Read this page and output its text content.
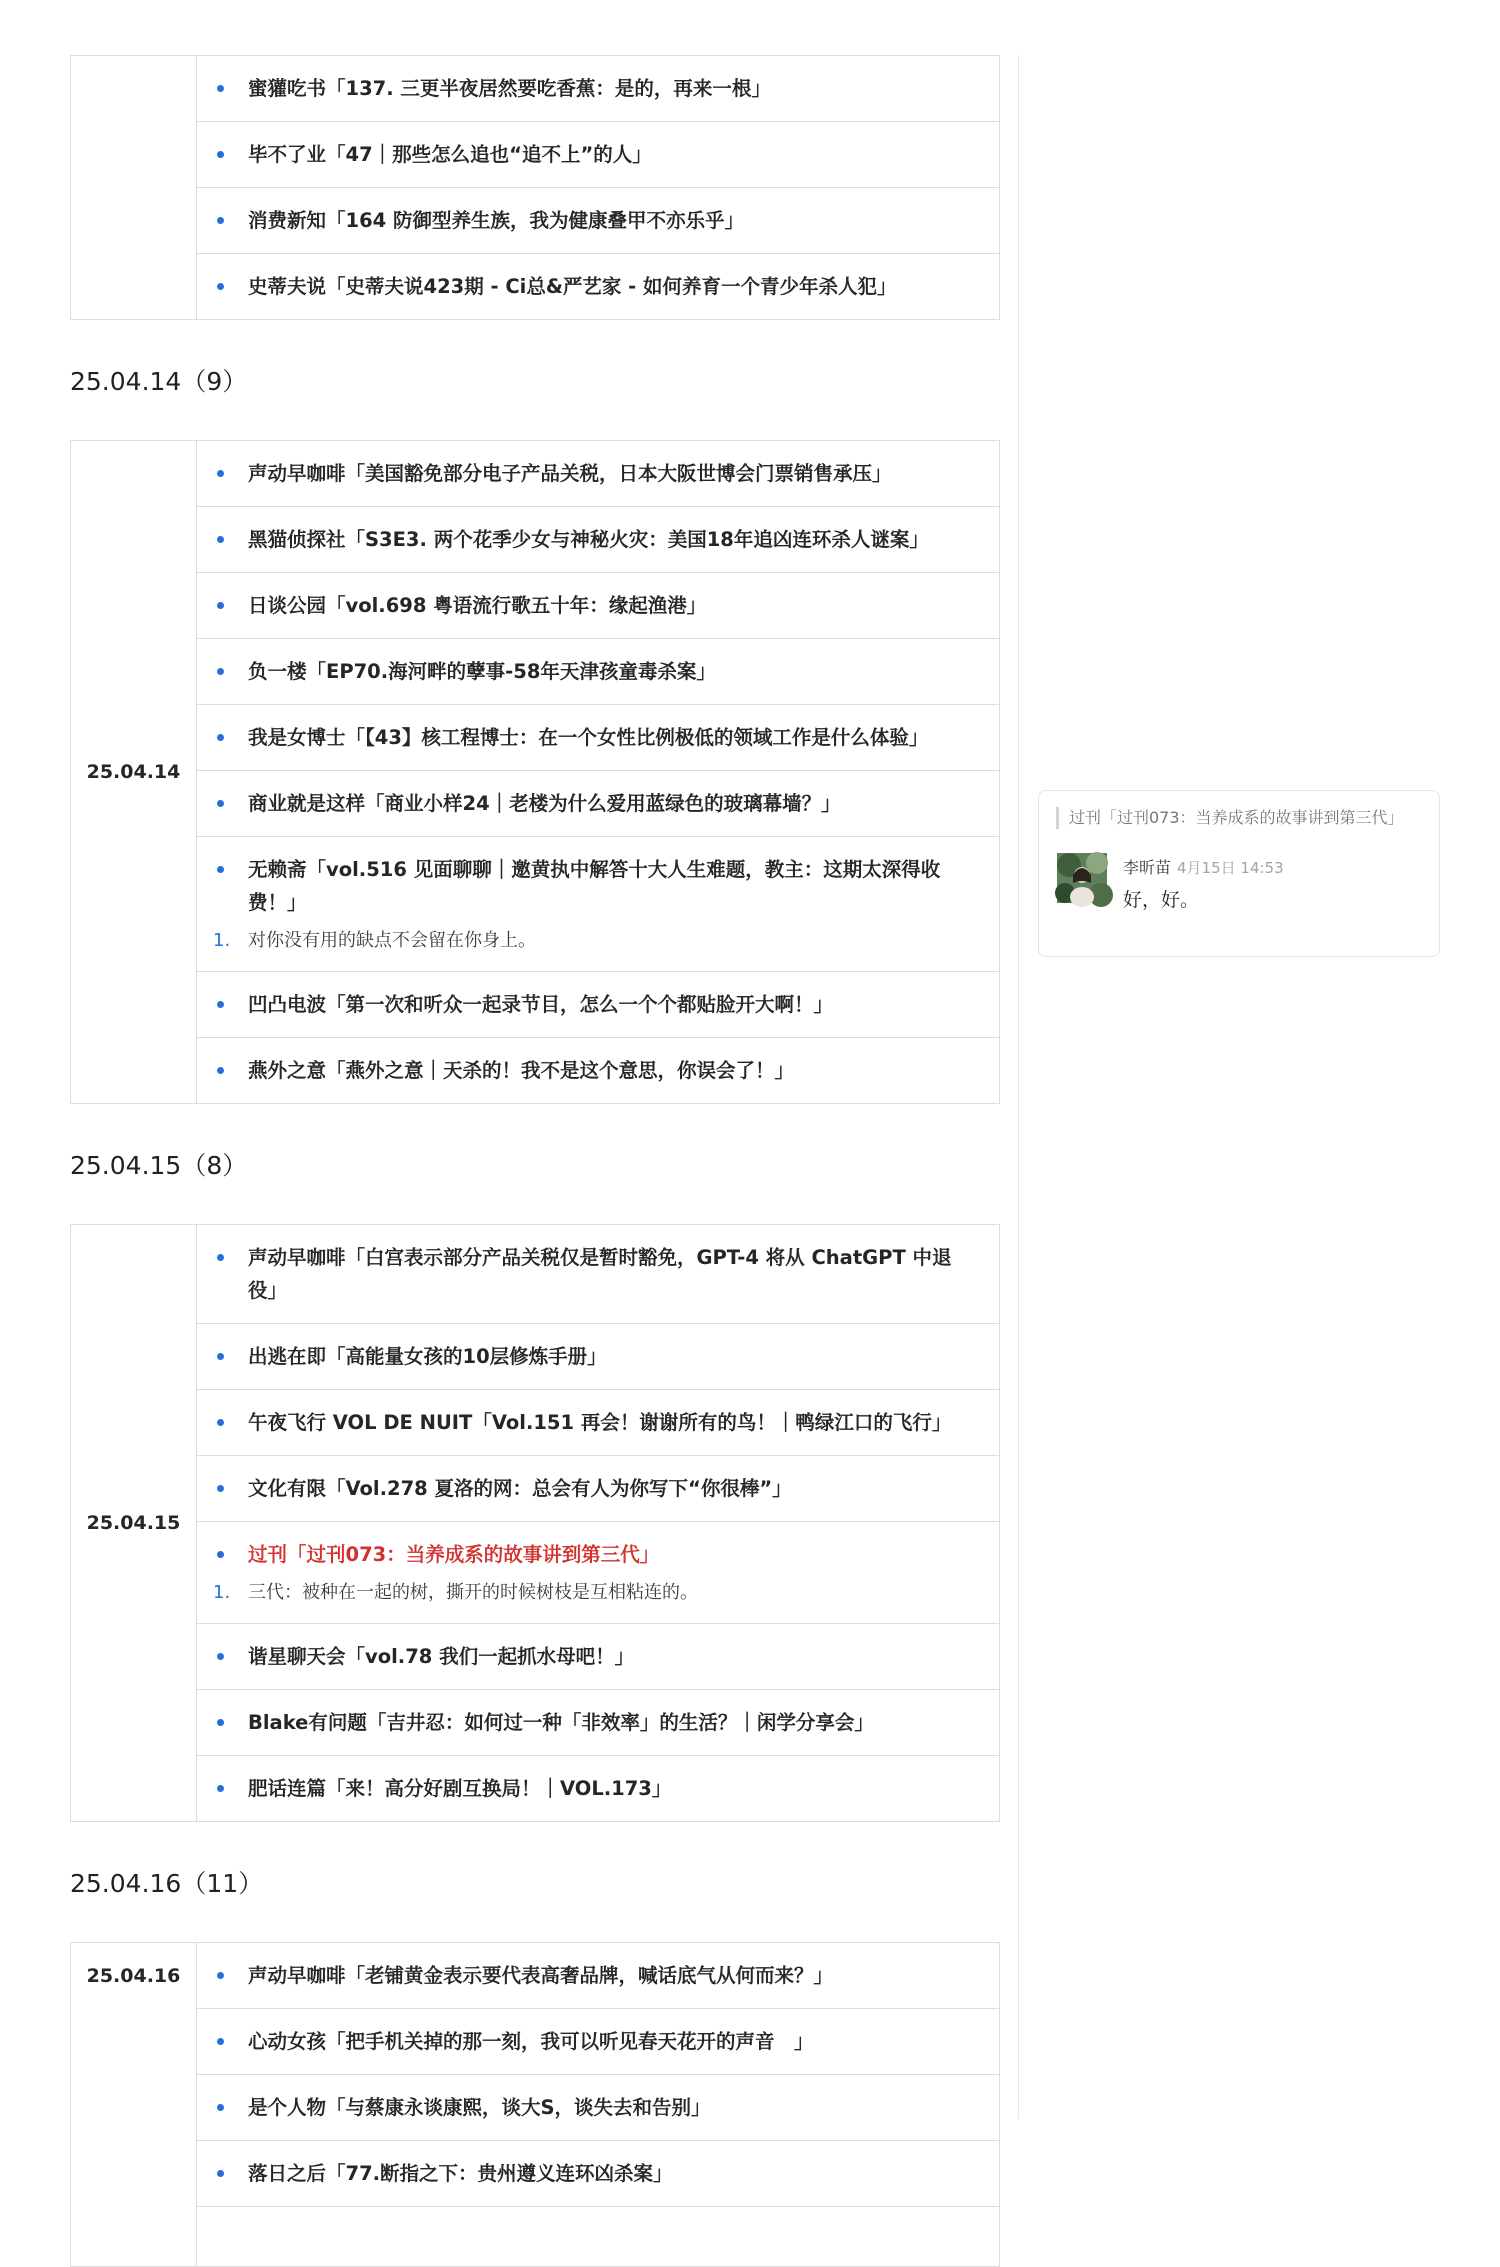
蜜獾吃书「137. 三更半夜居然要吃香蕉：是的，再来一根」

毕不了业「47｜那些怎么追也“追不上”的人」

消费新知「164 防御型养生族，我为健康叠甲不亦乐乎」

史蒂夫说「史蒂夫说423期 - Ci总&严艺家 - 如何养育一个青少年杀人犯」
25.04.14（9）
25.04.14	
声动早咖啡「美国豁免部分电子产品关税，日本大阪世博会门票销售承压」

黑猫侦探社「S3E3. 两个花季少女与神秘火灾：美国18年追凶连环杀人谜案」

日谈公园「vol.698 粤语流行歌五十年：缘起渔港」

负一楼「EP70.海河畔的孽事-58年天津孩童毒杀案」

我是女博士「【43】核工程博士：在一个女性比例极低的领域工作是什么体验」

商业就是这样「商业小样24｜老楼为什么爱用蓝绿色的玻璃幕墙？」

无赖斋「vol.516 见面聊聊｜邀黄执中解答十大人生难题，教主：这期太深得收费！」
1. 对你没有用的缺点不会留在你身上。

凹凸电波「第一次和听众一起录节目，怎么一个个都贴脸开大啊！」

燕外之意「燕外之意｜天杀的！我不是这个意思，你误会了！」
25.04.15（8）
25.04.15	
声动早咖啡「白宫表示部分产品关税仅是暂时豁免，GPT-4 将从 ChatGPT 中退役」

出逃在即「高能量女孩的10层修炼手册」

午夜飞行 VOL DE NUIT「Vol.151 再会！谢谢所有的鸟！｜鸭绿江口的飞行」

文化有限「Vol.278 夏洛的网：总会有人为你写下“你很棒”」

过刊「过刊073：当养成系的故事讲到第三代」
1. 三代：被种在一起的树，撕开的时候树枝是互相粘连的。

谐星聊天会「vol.78 我们一起抓水母吧！」

Blake有问题「吉井忍：如何过一种「非效率」的生活？｜闲学分享会」

肥话连篇「来！高分好剧互换局！｜VOL.173」
25.04.16（11）
25.04.16	声动早咖啡「老铺黄金表示要代表高奢品牌，喊话底气从何而来？」

心动女孩「把手机关掉的那一刻，我可以听见春天花开的声音　」

是个人物「与蔡康永谈康熙，谈大S，谈失去和告别」

落日之后「77.断指之下：贵州遵义连环凶杀案」

过刊「过刊073：当养成系的故事讲到第三代」
李昕苗 4月15日 14:53
好，好。
